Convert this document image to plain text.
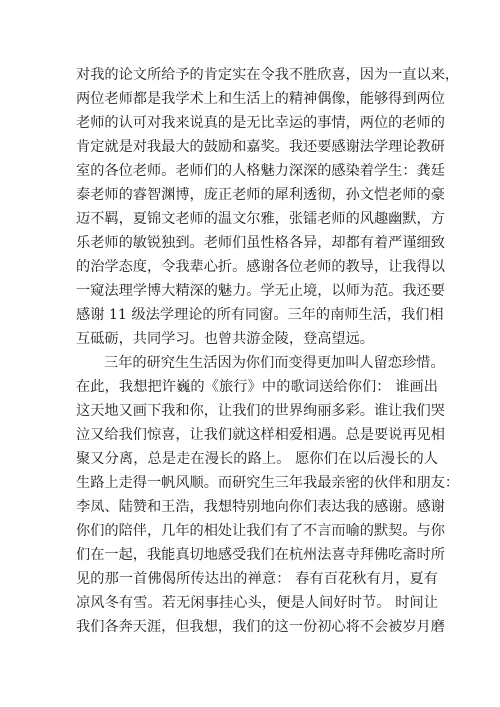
对我的论文所给予的肯定实在令我不胜欣喜，因为一直以来，
两位老师都是我学术上和生活上的精神偶像，能够得到两位
老师的认可对我来说真的是无比幸运的事情，两位的老师的
肯定就是对我最大的鼓励和嘉奖。我还要感谢法学理论教研
室的各位老师。老师们的人格魅力深深的感染着学生：龚廷
泰老师的睿智渊博，庞正老师的犀利透彻，孙文恺老师的豪
迈不羁，夏锦文老师的温文尔雅，张镭老师的风趣幽默，方
乐老师的敏锐独到。老师们虽性格各异，却都有着严谨细致
的治学态度，令我辈心折。感谢各位老师的教导，让我得以
一窥法理学博大精深的魅力。学无止境，以师为范。我还要
感谢 11 级法学理论的所有同窗。三年的南师生活，我们相
互砥砺，共同学习。也曾共游金陵，登高望远。
三年的研究生生活因为你们而变得更加叫人留恋珍惜。
在此，我想把许巍的《旅行》中的歌词送给你们： 谁画出
这天地又画下我和你，让我们的世界绚丽多彩。谁让我们哭
泣又给我们惊喜，让我们就这样相爱相遇。总是要说再见相
聚又分离，总是走在漫长的路上。 愿你们在以后漫长的人
生路上走得一帆风顺。而研究生三年我最亲密的伙伴和朋友：
李凤、陆赞和王浩，我想特别地向你们表达我的感谢。感谢
你们的陪伴，几年的相处让我们有了不言而喻的默契。与你
们在一起，我能真切地感受我们在杭州法喜寺拜佛吃斋时所
见的那一首佛偈所传达出的禅意： 春有百花秋有月，夏有
凉风冬有雪。若无闲事挂心头，便是人间好时节。 时间让
我们各奔天涯，但我想，我们的这一份初心将不会被岁月磨
